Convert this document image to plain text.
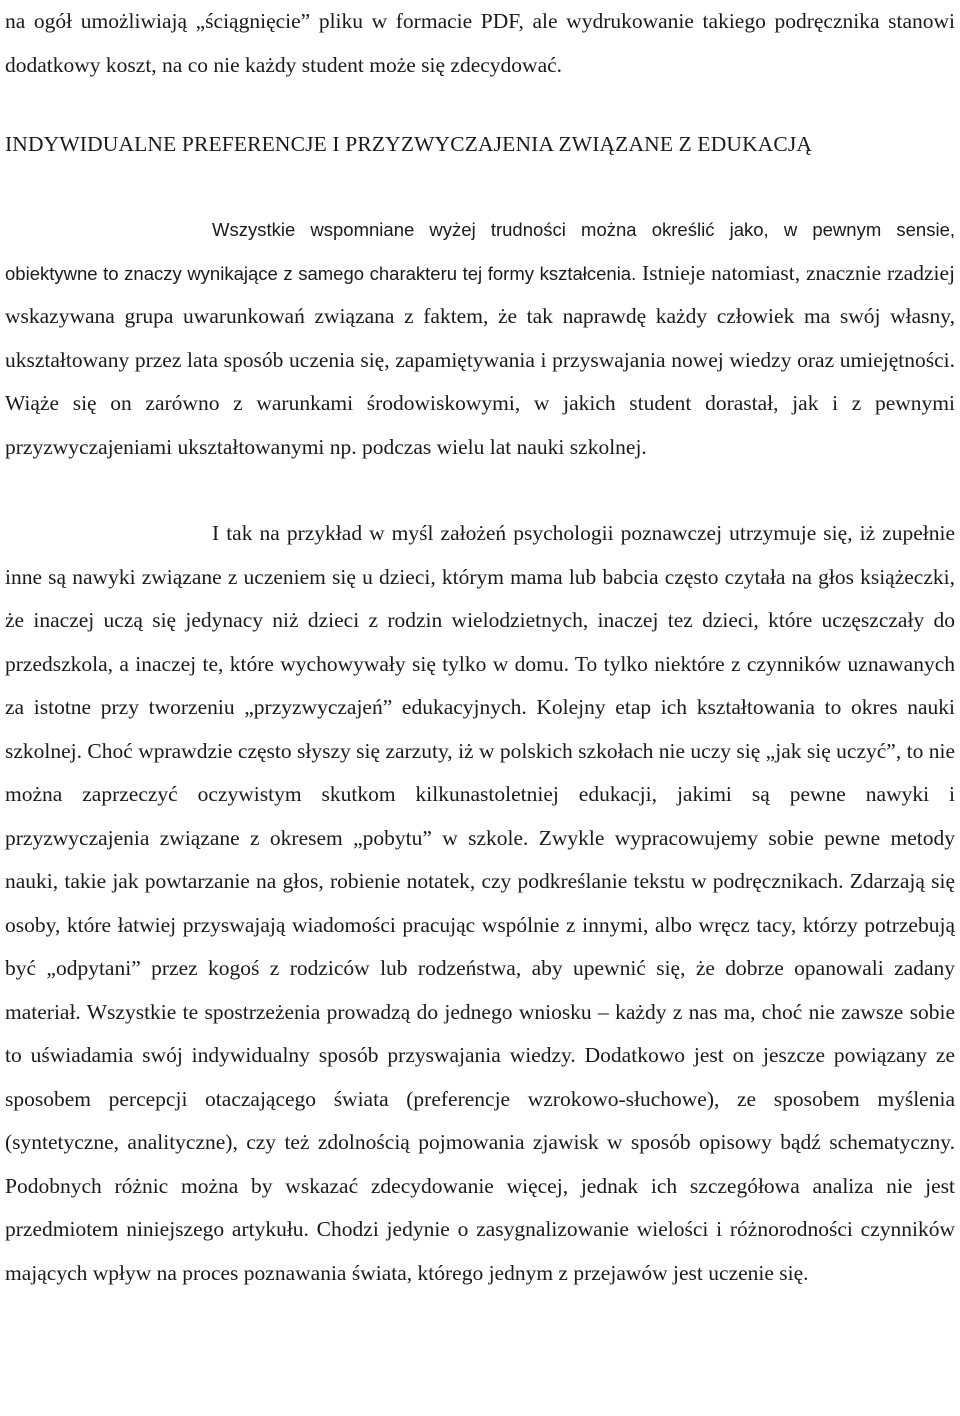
na ogół umożliwiają „ściągnięcie” pliku w formacie PDF, ale wydrukowanie takiego podręcznika stanowi dodatkowy koszt, na co nie każdy student może się zdecydować.

INDYWIDUALNE PREFERENCJE I PRZYZWYCZAJENIA ZWIĄZANE Z EDUKACJĄ

Wszystkie wspomniane wyżej trudności można określić jako, w pewnym sensie, obiektywne to znaczy wynikające z samego charakteru tej formy kształcenia. Istnieje natomiast, znacznie rzadziej wskazywana grupa uwarunkowań związana z faktem, że tak naprawdę każdy człowiek ma swój własny, ukształtowany przez lata sposób uczenia się, zapamiętywania i przyswajania nowej wiedzy oraz umiejętności. Wiąże się on zarówno z warunkami środowiskowymi, w jakich student dorastał, jak i z pewnymi przyzwyczajeniami ukształtowanymi np. podczas wielu lat nauki szkolnej.

I tak na przykład w myśl założeń psychologii poznawczej utrzymuje się, iż zupełnie inne są nawyki związane z uczeniem się u dzieci, którym mama lub babcia często czytała na głos książeczki, że inaczej uczą się jedynacy niż dzieci z rodzin wielodzietnych, inaczej tez dzieci, które uczęszczały do przedszkola, a inaczej te, które wychowywały się tylko w domu. To tylko niektóre z czynników uznawanych za istotne przy tworzeniu „przyzwyczajeń” edukacyjnych. Kolejny etap ich kształtowania to okres nauki szkolnej. Choć wprawdzie często słyszy się zarzuty, iż w polskich szkołach nie uczy się „jak się uczyć”, to nie można zaprzeczyć oczywistym skutkom kilkunastoletniej edukacji, jakimi są pewne nawyki i przyzwyczajenia związane z okresem „pobytu” w szkole. Zwykle wypracowujemy sobie pewne metody nauki, takie jak powtarzanie na głos, robienie notatek, czy podkreślanie tekstu w podręcznikach. Zdarzają się osoby, które łatwiej przyswajają wiadomości pracując wspólnie z innymi, albo wręcz tacy, którzy potrzebują być „odpytani” przez kogoś z rodziców lub rodzeństwa, aby upewnić się, że dobrze opanowali zadany materiał. Wszystkie te spostrzeżenia prowadzą do jednego wniosku – każdy z nas ma, choć nie zawsze sobie to uświadamia swój indywidualny sposób przyswajania wiedzy. Dodatkowo jest on jeszcze powiązany ze sposobem percepcji otaczającego świata (preferencje wzrokowo-słuchowe), ze sposobem myślenia (syntetyczne, analityczne), czy też zdolnością pojmowania zjawisk w sposób opisowy bądź schematyczny. Podobnych różnic można by wskazać zdecydowanie więcej, jednak ich szczegółowa analiza nie jest przedmiotem niniejszego artykułu. Chodzi jedynie o zasygnalizowanie wielości i różnorodności czynników mających wpływ na proces poznawania świata, którego jednym z przejawów jest uczenie się.
